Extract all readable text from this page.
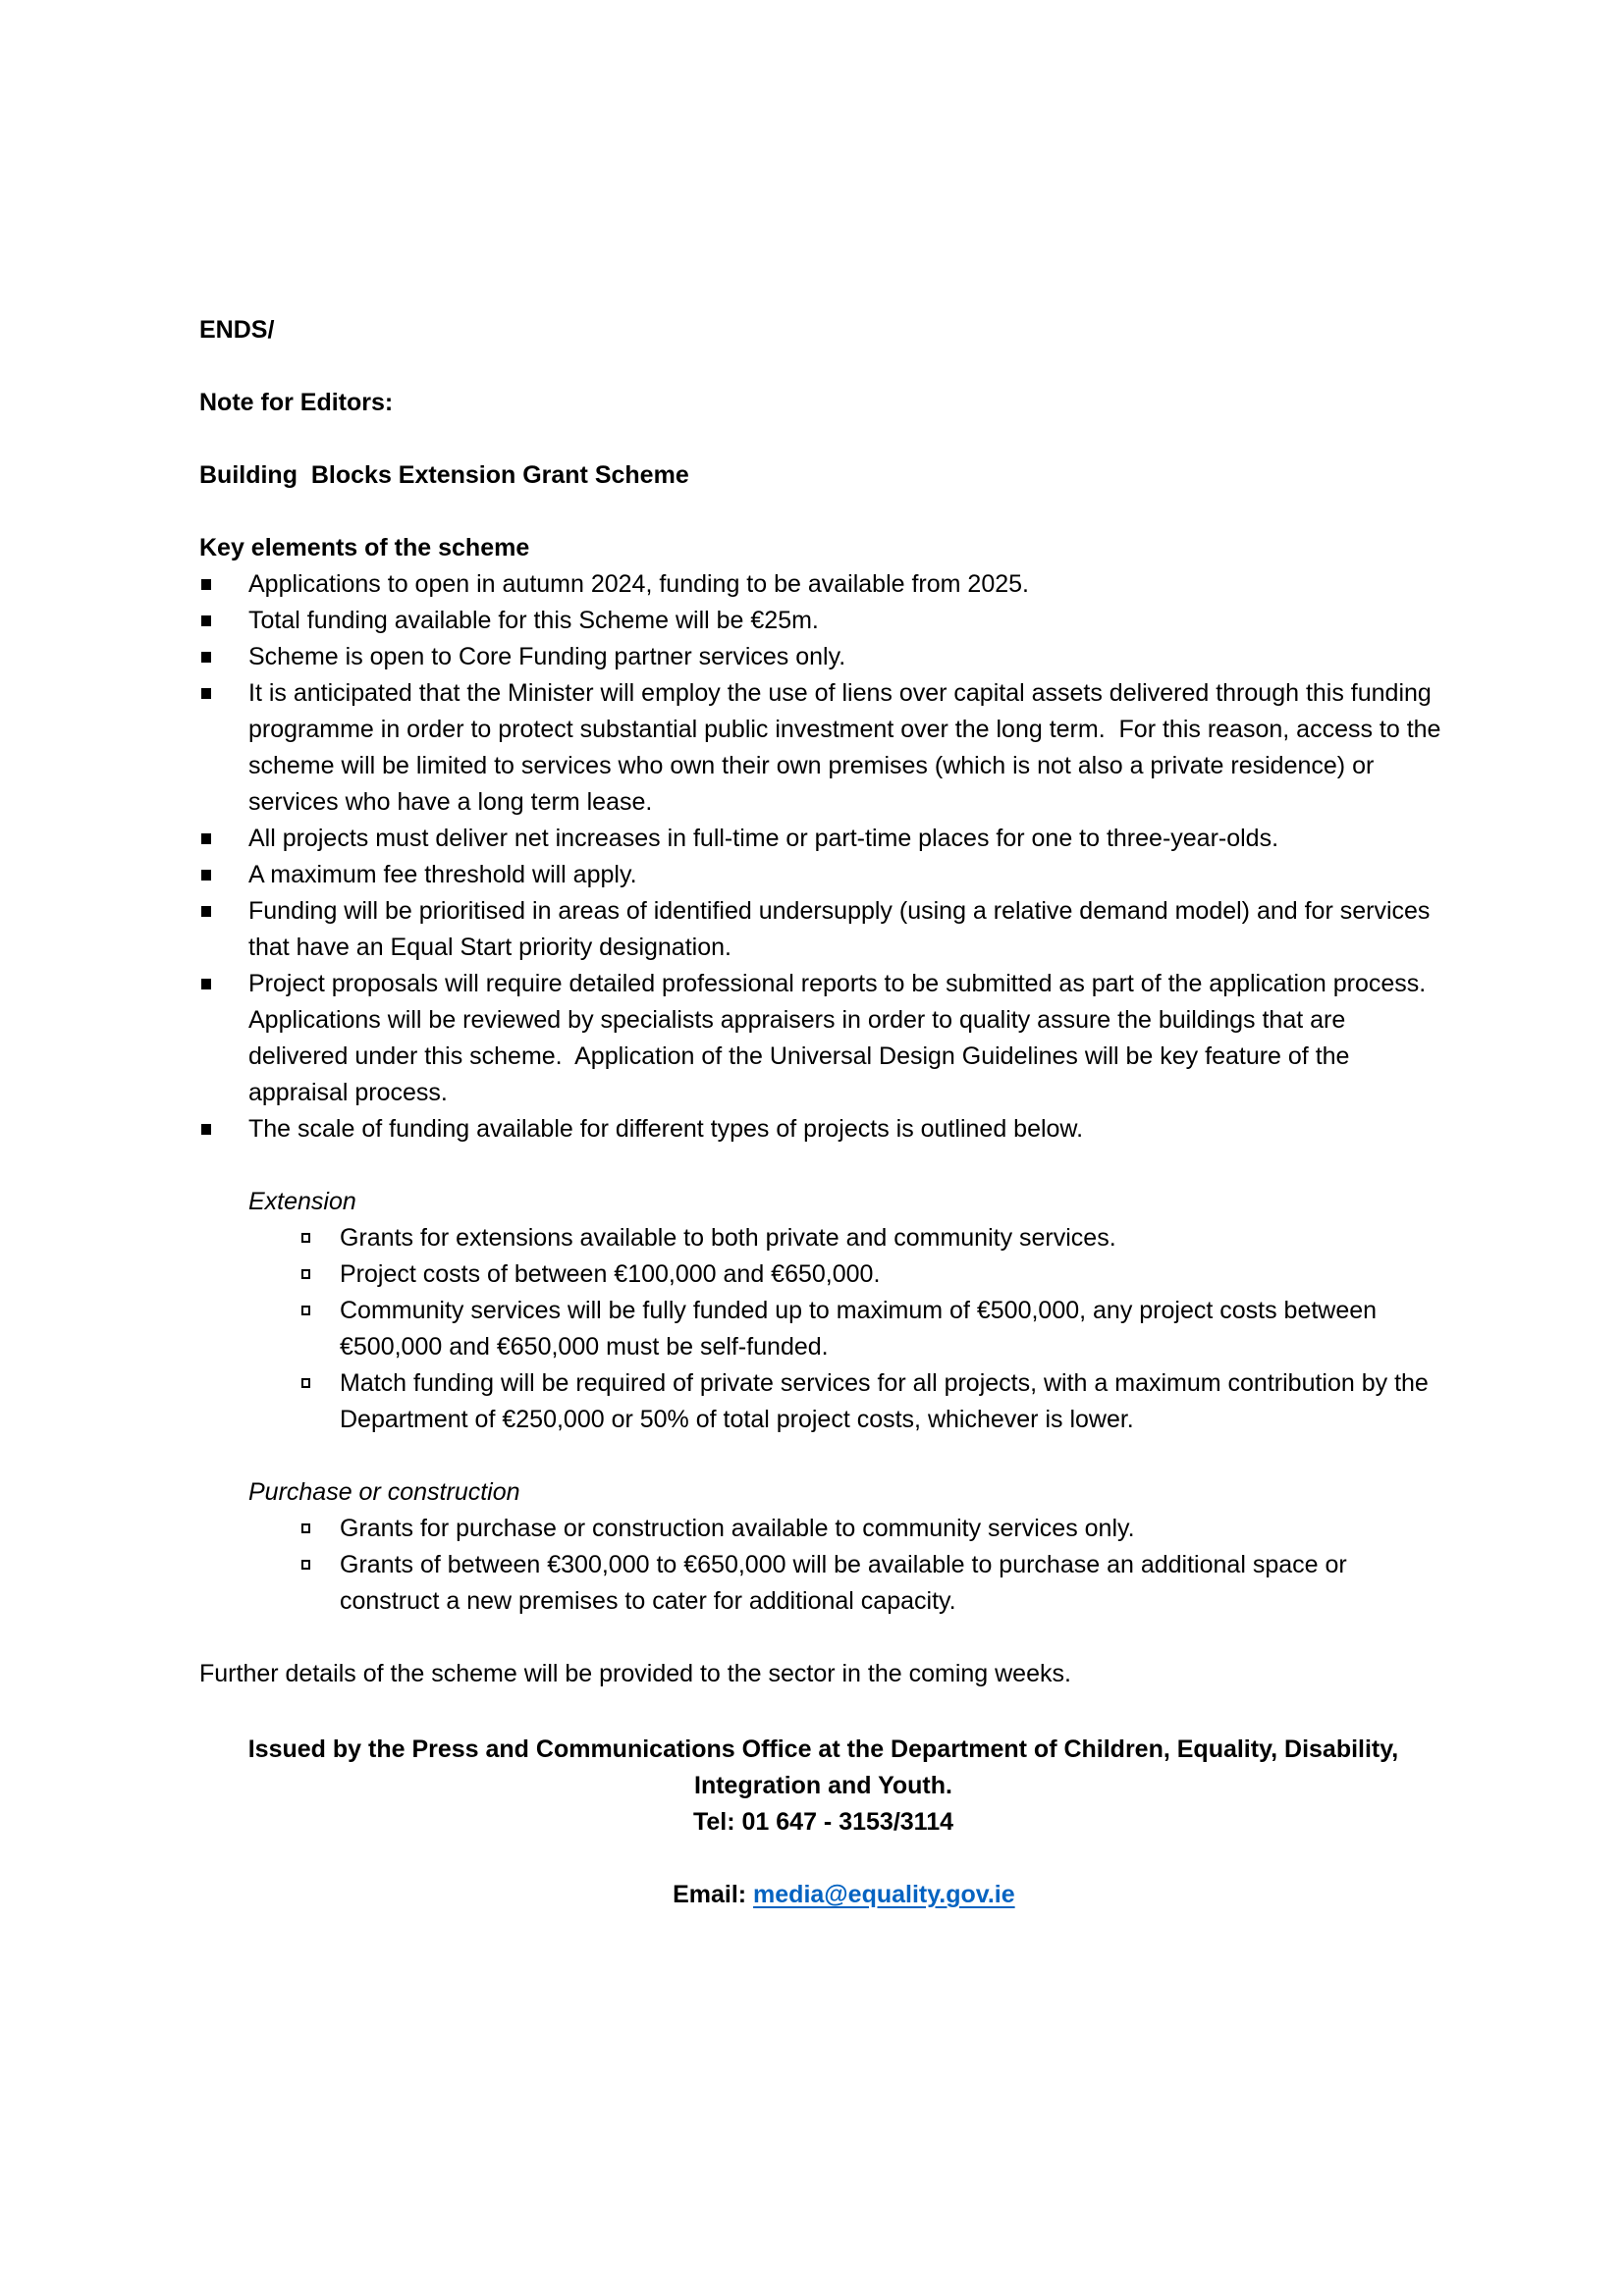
ENDS/

Note for Editors:

Building  Blocks Extension Grant Scheme

Key elements of the scheme

Applications to open in autumn 2024, funding to be available from 2025.
Total funding available for this Scheme will be €25m.
Scheme is open to Core Funding partner services only.
It is anticipated that the Minister will employ the use of liens over capital assets delivered through this funding programme in order to protect substantial public investment over the long term.  For this reason, access to the scheme will be limited to services who own their own premises (which is not also a private residence) or services who have a long term lease.
All projects must deliver net increases in full-time or part-time places for one to three-year-olds.
A maximum fee threshold will apply.
Funding will be prioritised in areas of identified undersupply (using a relative demand model) and for services that have an Equal Start priority designation.
Project proposals will require detailed professional reports to be submitted as part of the application process.  Applications will be reviewed by specialists appraisers in order to quality assure the buildings that are delivered under this scheme.  Application of the Universal Design Guidelines will be key feature of the appraisal process.
The scale of funding available for different types of projects is outlined below.

Extension

Grants for extensions available to both private and community services.
Project costs of between €100,000 and €650,000.
Community services will be fully funded up to maximum of €500,000, any project costs between €500,000 and €650,000 must be self-funded.
Match funding will be required of private services for all projects, with a maximum contribution by the Department of €250,000 or 50% of total project costs, whichever is lower.

Purchase or construction

Grants for purchase or construction available to community services only.
Grants of between €300,000 to €650,000 will be available to purchase an additional space or construct a new premises to cater for additional capacity.

Further details of the scheme will be provided to the sector in the coming weeks.

Issued by the Press and Communications Office at the Department of Children, Equality, Disability, Integration and Youth.

Tel: 01 647 - 3153/3114

Email: media@equality.gov.ie
